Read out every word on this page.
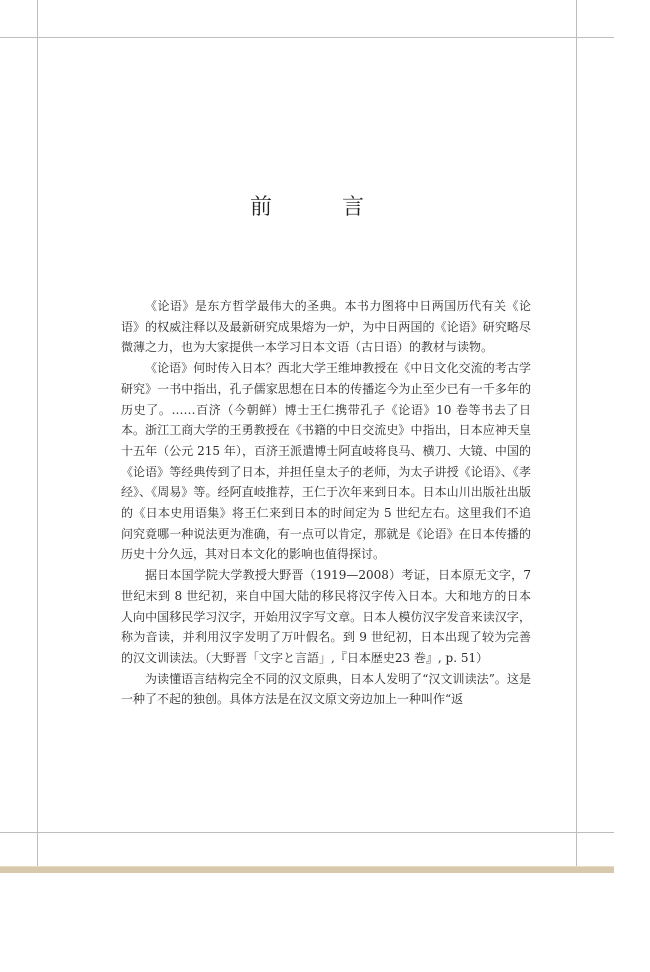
前　言

《论语》是东方哲学最伟大的圣典。本书力图将中日两国历代有关《论语》的权威注释以及最新研究成果熔为一炉，为中日两国的《论语》研究略尽微薄之力，也为大家提供一本学习日本文语（古日语）的教材与读物。

《论语》何时传入日本？西北大学王维坤教授在《中日文化交流的考古学研究》一书中指出，孔子儒家思想在日本的传播迄今为止至少已有一千多年的历史了。……百济（今朝鲜）博士王仁携带孔子《论语》10 卷等书去了日本。浙江工商大学的王勇教授在《书籍的中日交流史》中指出，日本应神天皇十五年（公元 215 年），百济王派遣博士阿直岐将良马、横刀、大镜、中国的《论语》等经典传到了日本，并担任皇太子的老师，为太子讲授《论语》、《孝经》、《周易》等。经阿直岐推荐，王仁于次年来到日本。日本山川出版社出版的《日本史用语集》将王仁来到日本的时间定为 5 世纪左右。这里我们不追问究竟哪一种说法更为准确，有一点可以肯定，那就是《论语》在日本传播的历史十分久远，其对日本文化的影响也值得探讨。

据日本国学院大学教授大野晋（1919—2008）考证，日本原无文字，7 世纪末到 8 世纪初，来自中国大陆的移民将汉字传入日本。大和地方的日本人向中国移民学习汉字，开始用汉字写文章。日本人模仿汉字发音来读汉字，称为音读，并利用汉字发明了万叶假名。到 9 世纪初，日本出现了较为完善的汉文训读法。（大野晋「文字と言語」,『日本歴史23 巻』, p. 51）

为读懂语言结构完全不同的汉文原典，日本人发明了“汉文训读法”。这是一种了不起的独创。具体方法是在汉文原文旁边加上一种叫作“返
